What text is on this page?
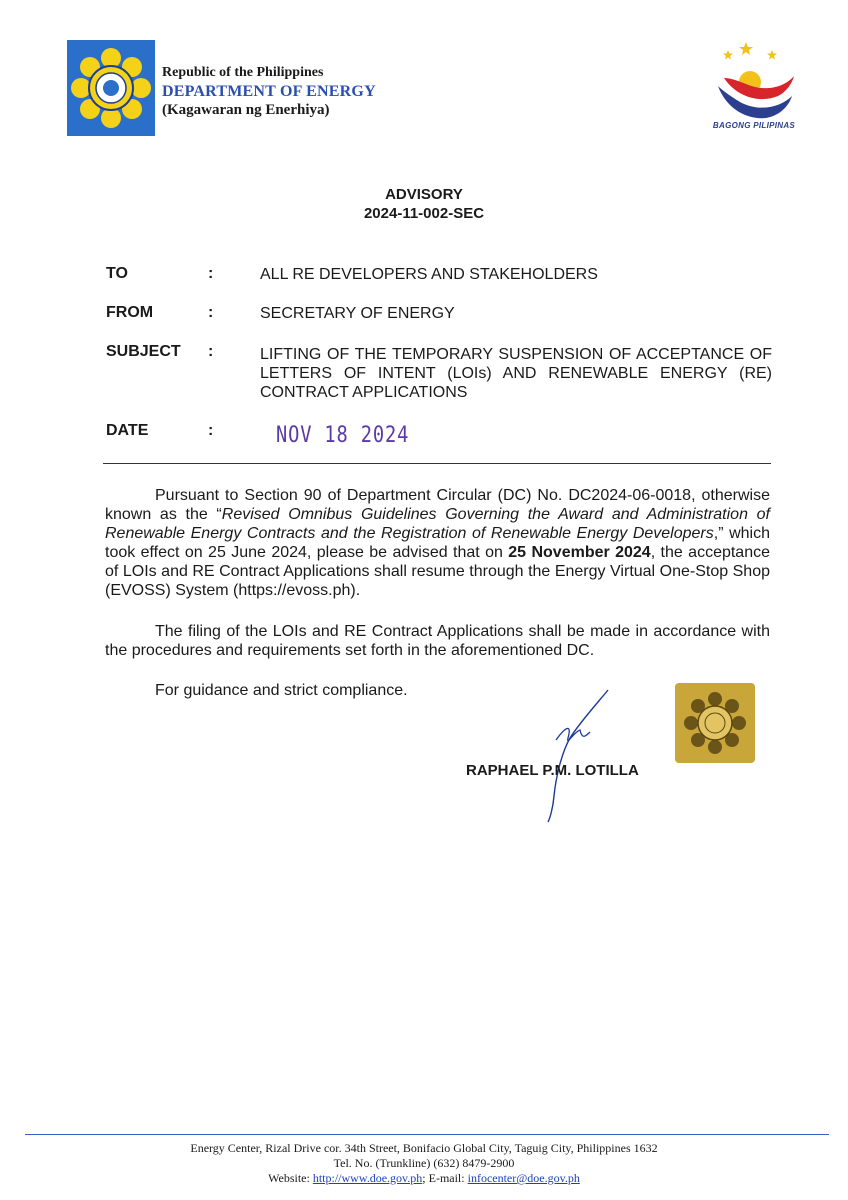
Republic of the Philippines
DEPARTMENT OF ENERGY
(Kagawaran ng Enerhiya)
BAGONG PILIPINAS
ADVISORY
2024-11-002-SEC
TO	:	ALL RE DEVELOPERS AND STAKEHOLDERS
FROM	:	SECRETARY OF ENERGY
SUBJECT :	LIFTING OF THE TEMPORARY SUSPENSION OF ACCEPTANCE OF LETTERS OF INTENT (LOIs) AND RENEWABLE ENERGY (RE) CONTRACT APPLICATIONS
DATE	:	NOV 18 2024
Pursuant to Section 90 of Department Circular (DC) No. DC2024-06-0018, otherwise known as the “Revised Omnibus Guidelines Governing the Award and Administration of Renewable Energy Contracts and the Registration of Renewable Energy Developers,” which took effect on 25 June 2024, please be advised that on 25 November 2024, the acceptance of LOIs and RE Contract Applications shall resume through the Energy Virtual One-Stop Shop (EVOSS) System (https://evoss.ph).
The filing of the LOIs and RE Contract Applications shall be made in accordance with the procedures and requirements set forth in the aforementioned DC.
For guidance and strict compliance.
RAPHAEL P.M. LOTILLA
Energy Center, Rizal Drive cor. 34th Street, Bonifacio Global City, Taguig City, Philippines 1632
Tel. No. (Trunkline) (632) 8479-2900
Website: http://www.doe.gov.ph; E-mail: infocenter@doe.gov.ph
